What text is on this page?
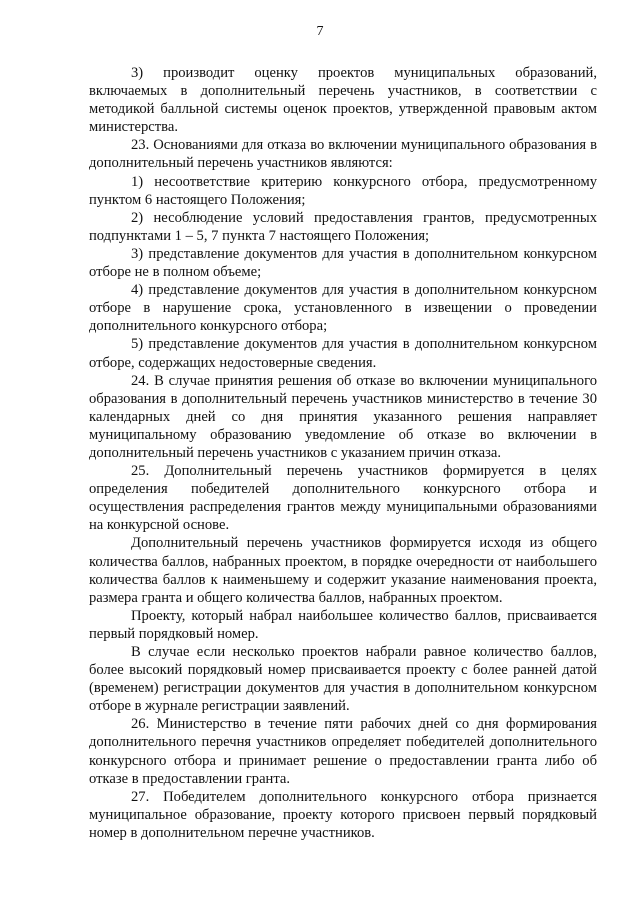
7

3) производит оценку проектов муниципальных образований, включаемых в дополнительный перечень участников, в соответствии с методикой балльной системы оценок проектов, утвержденной правовым актом министерства.

23. Основаниями для отказа во включении муниципального образования в дополнительный перечень участников являются:

1) несоответствие критерию конкурсного отбора, предусмотренному пунктом 6 настоящего Положения;

2) несоблюдение условий предоставления грантов, предусмотренных подпунктами 1 – 5, 7 пункта 7 настоящего Положения;

3) представление документов для участия в дополнительном конкурсном отборе не в полном объеме;

4) представление документов для участия в дополнительном конкурсном отборе в нарушение срока, установленного в извещении о проведении дополнительного конкурсного отбора;

5) представление документов для участия в дополнительном конкурсном отборе, содержащих недостоверные сведения.

24. В случае принятия решения об отказе во включении муниципального образования в дополнительный перечень участников министерство в течение 30 календарных дней со дня принятия указанного решения направляет муниципальному образованию уведомление об отказе во включении в дополнительный перечень участников с указанием причин отказа.

25. Дополнительный перечень участников формируется в целях определения победителей дополнительного конкурсного отбора и осуществления распределения грантов между муниципальными образованиями на конкурсной основе.

Дополнительный перечень участников формируется исходя из общего количества баллов, набранных проектом, в порядке очередности от наибольшего количества баллов к наименьшему и содержит указание наименования проекта, размера гранта и общего количества баллов, набранных проектом.

Проекту, который набрал наибольшее количество баллов, присваивается первый порядковый номер.

В случае если несколько проектов набрали равное количество баллов, более высокий порядковый номер присваивается проекту с более ранней датой (временем) регистрации документов для участия в дополнительном конкурсном отборе в журнале регистрации заявлений.

26. Министерство в течение пяти рабочих дней со дня формирования дополнительного перечня участников определяет победителей дополнительного конкурсного отбора и принимает решение о предоставлении гранта либо об отказе в предоставлении гранта.

27. Победителем дополнительного конкурсного отбора признается муниципальное образование, проекту которого присвоен первый порядковый номер в дополнительном перечне участников.
